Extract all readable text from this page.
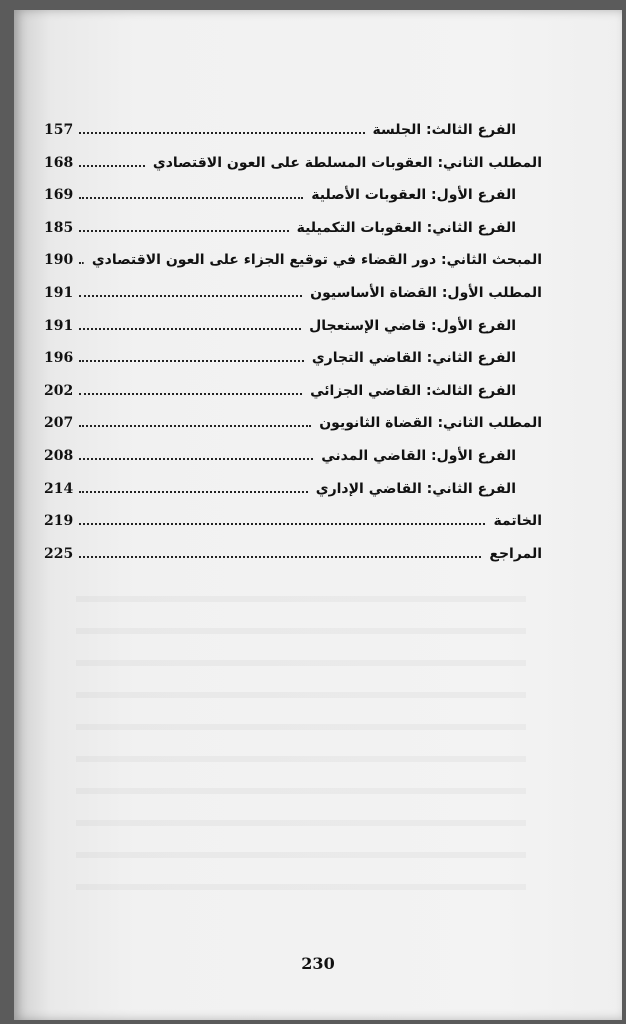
الفرع الثالث: الجلسة
157
المطلب الثاني: العقوبات المسلطة على العون الاقتصادي
168
الفرع الأول: العقوبات الأصلية
169
الفرع الثاني: العقوبات التكميلية
185
المبحث الثاني: دور القضاء في توقيع الجزاء على العون الاقتصادي
190
المطلب الأول: القضاة الأساسيون
191
الفرع الأول: قاضي الإستعجال
191
الفرع الثاني: القاضي التجاري
196
الفرع الثالث: القاضي الجزائي
202
المطلب الثاني: القضاة الثانويون
207
الفرع الأول: القاضي المدني
208
الفرع الثاني: القاضي الإداري
214
الخاتمة
219
المراجع
225
230
